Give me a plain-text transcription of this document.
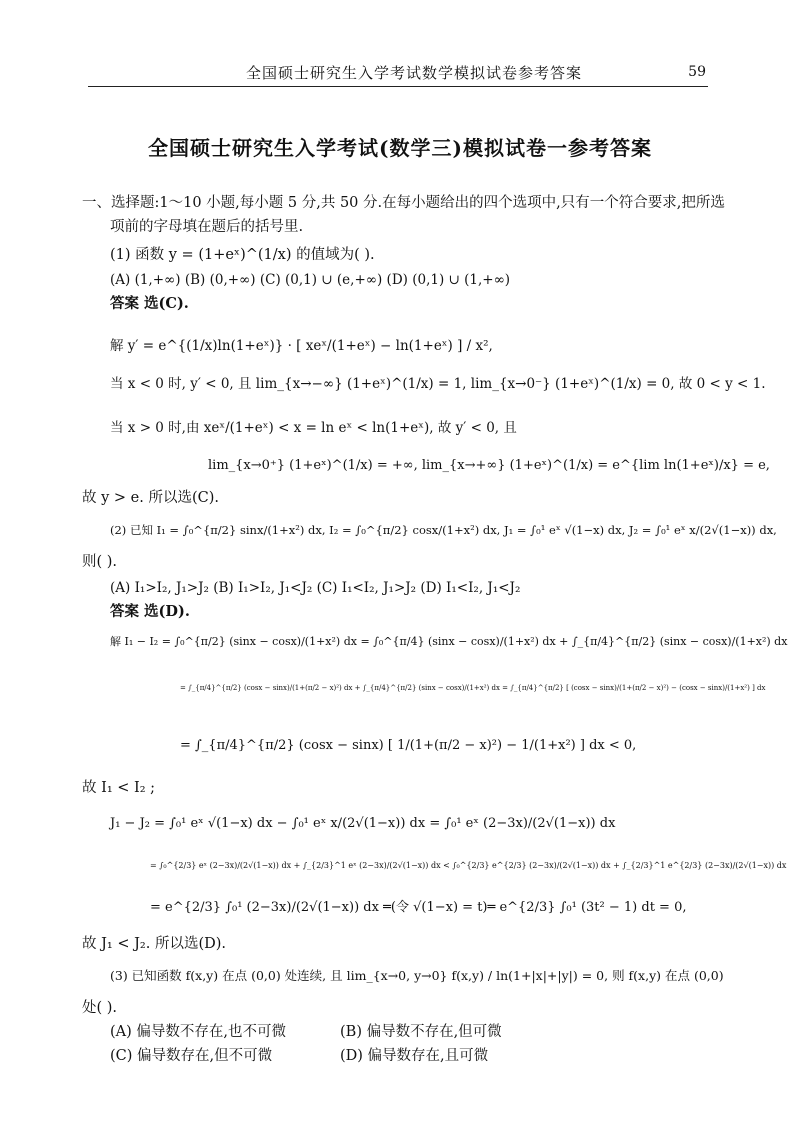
全国硕士研究生入学考试数学模拟试卷参考答案	59
全国硕士研究生入学考试(数学三)模拟试卷一参考答案
一、选择题:1～10 小题,每小题 5 分,共 50 分.在每小题给出的四个选项中,只有一个符合要求,把所选
项前的字母填在题后的括号里.
(1) 函数 y = (1+eˣ)^(1/x) 的值域为( ).
(A) (1,+∞) (B) (0,+∞) (C) (0,1) ∪ (e,+∞) (D) (0,1) ∪ (1,+∞)
答案 选(C).
解 y′ = e^{(1/x)ln(1+eˣ)} · [ xeˣ/(1+eˣ) − ln(1+eˣ) ] / x²,
当 x < 0 时, y′ < 0, 且 lim_{x→−∞} (1+eˣ)^(1/x) = 1, lim_{x→0⁻} (1+eˣ)^(1/x) = 0, 故 0 < y < 1.
当 x > 0 时,由 xeˣ/(1+eˣ) < x = ln eˣ < ln(1+eˣ), 故 y′ < 0, 且
lim_{x→0⁺} (1+eˣ)^(1/x) = +∞, lim_{x→+∞} (1+eˣ)^(1/x) = e^{lim ln(1+eˣ)/x} = e,
故 y > e. 所以选(C).
(2) 已知 I₁ = ∫₀^{π/2} sinx/(1+x²) dx, I₂ = ∫₀^{π/2} cosx/(1+x²) dx, J₁ = ∫₀¹ eˣ √(1−x) dx, J₂ = ∫₀¹ eˣ x/(2√(1−x)) dx,
则( ).
(A) I₁>I₂, J₁>J₂ (B) I₁>I₂, J₁<J₂ (C) I₁<I₂, J₁>J₂ (D) I₁<I₂, J₁<J₂
答案 选(D).
解 I₁ − I₂ = ∫₀^{π/2} (sinx − cosx)/(1+x²) dx = ∫₀^{π/4} (sinx − cosx)/(1+x²) dx + ∫_{π/4}^{π/2} (sinx − cosx)/(1+x²) dx
= ∫_{π/4}^{π/2} (cosx − sinx)/(1+(π/2 − x)²) dx + ∫_{π/4}^{π/2} (sinx − cosx)/(1+x²) dx = ∫_{π/4}^{π/2} [ (cosx − sinx)/(1+(π/2 − x)²) − (cosx − sinx)/(1+x²) ] dx
= ∫_{π/4}^{π/2} (cosx − sinx) [ 1/(1+(π/2 − x)²) − 1/(1+x²) ] dx < 0,
故 I₁ < I₂ ;
J₁ − J₂ = ∫₀¹ eˣ √(1−x) dx − ∫₀¹ eˣ x/(2√(1−x)) dx = ∫₀¹ eˣ (2−3x)/(2√(1−x)) dx
= ∫₀^{2/3} eˣ (2−3x)/(2√(1−x)) dx + ∫_{2/3}^1 eˣ (2−3x)/(2√(1−x)) dx < ∫₀^{2/3} e^{2/3} (2−3x)/(2√(1−x)) dx + ∫_{2/3}^1 e^{2/3} (2−3x)/(2√(1−x)) dx
= e^{2/3} ∫₀¹ (2−3x)/(2√(1−x)) dx ═(令 √(1−x) = t)═ e^{2/3} ∫₀¹ (3t² − 1) dt = 0,
故 J₁ < J₂. 所以选(D).
(3) 已知函数 f(x,y) 在点 (0,0) 处连续, 且 lim_{x→0, y→0} f(x,y) / ln(1+|x|+|y|) = 0, 则 f(x,y) 在点 (0,0)
处( ).
(A) 偏导数不存在,也不可微	(B) 偏导数不存在,但可微
(C) 偏导数存在,但不可微	(D) 偏导数存在,且可微
